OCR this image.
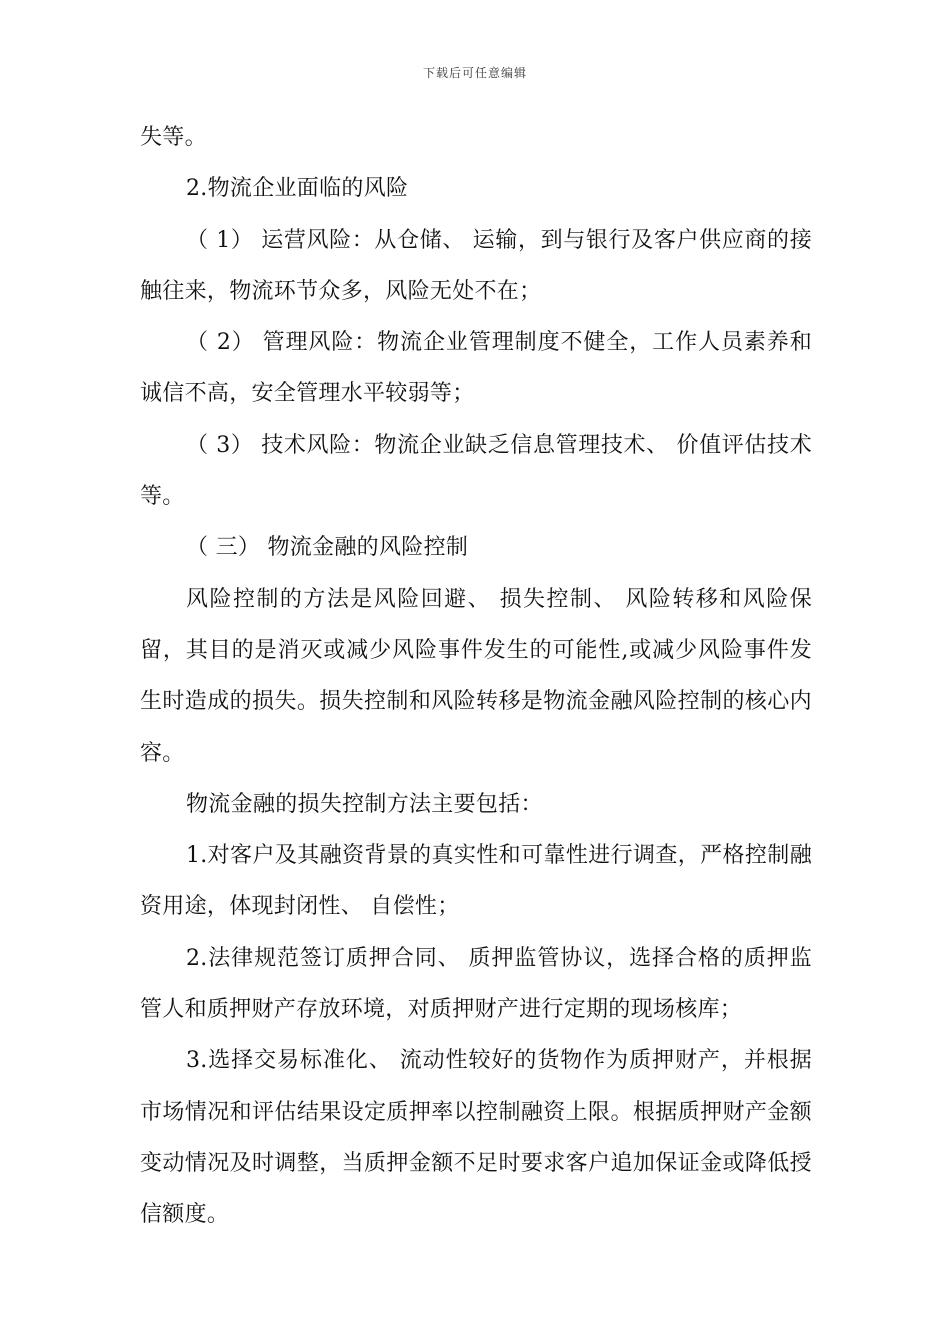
下载后可任意编辑

失等。

2.物流企业面临的风险

（ 1） 运营风险：从仓储、 运输，到与银行及客户供应商的接触往来，物流环节众多，风险无处不在；

（ 2） 管理风险：物流企业管理制度不健全，工作人员素养和诚信不高，安全管理水平较弱等；

（ 3） 技术风险：物流企业缺乏信息管理技术、 价值评估技术等。

（ 三） 物流金融的风险控制

风险控制的方法是风险回避、 损失控制、 风险转移和风险保留，其目的是消灭或减少风险事件发生的可能性,或减少风险事件发生时造成的损失。损失控制和风险转移是物流金融风险控制的核心内容。

物流金融的损失控制方法主要包括：

1.对客户及其融资背景的真实性和可靠性进行调查，严格控制融资用途，体现封闭性、 自偿性；

2.法律规范签订质押合同、 质押监管协议，选择合格的质押监管人和质押财产存放环境，对质押财产进行定期的现场核库；

3.选择交易标准化、 流动性较好的货物作为质押财产，并根据市场情况和评估结果设定质押率以控制融资上限。根据质押财产金额变动情况及时调整，当质押金额不足时要求客户追加保证金或降低授信额度。
